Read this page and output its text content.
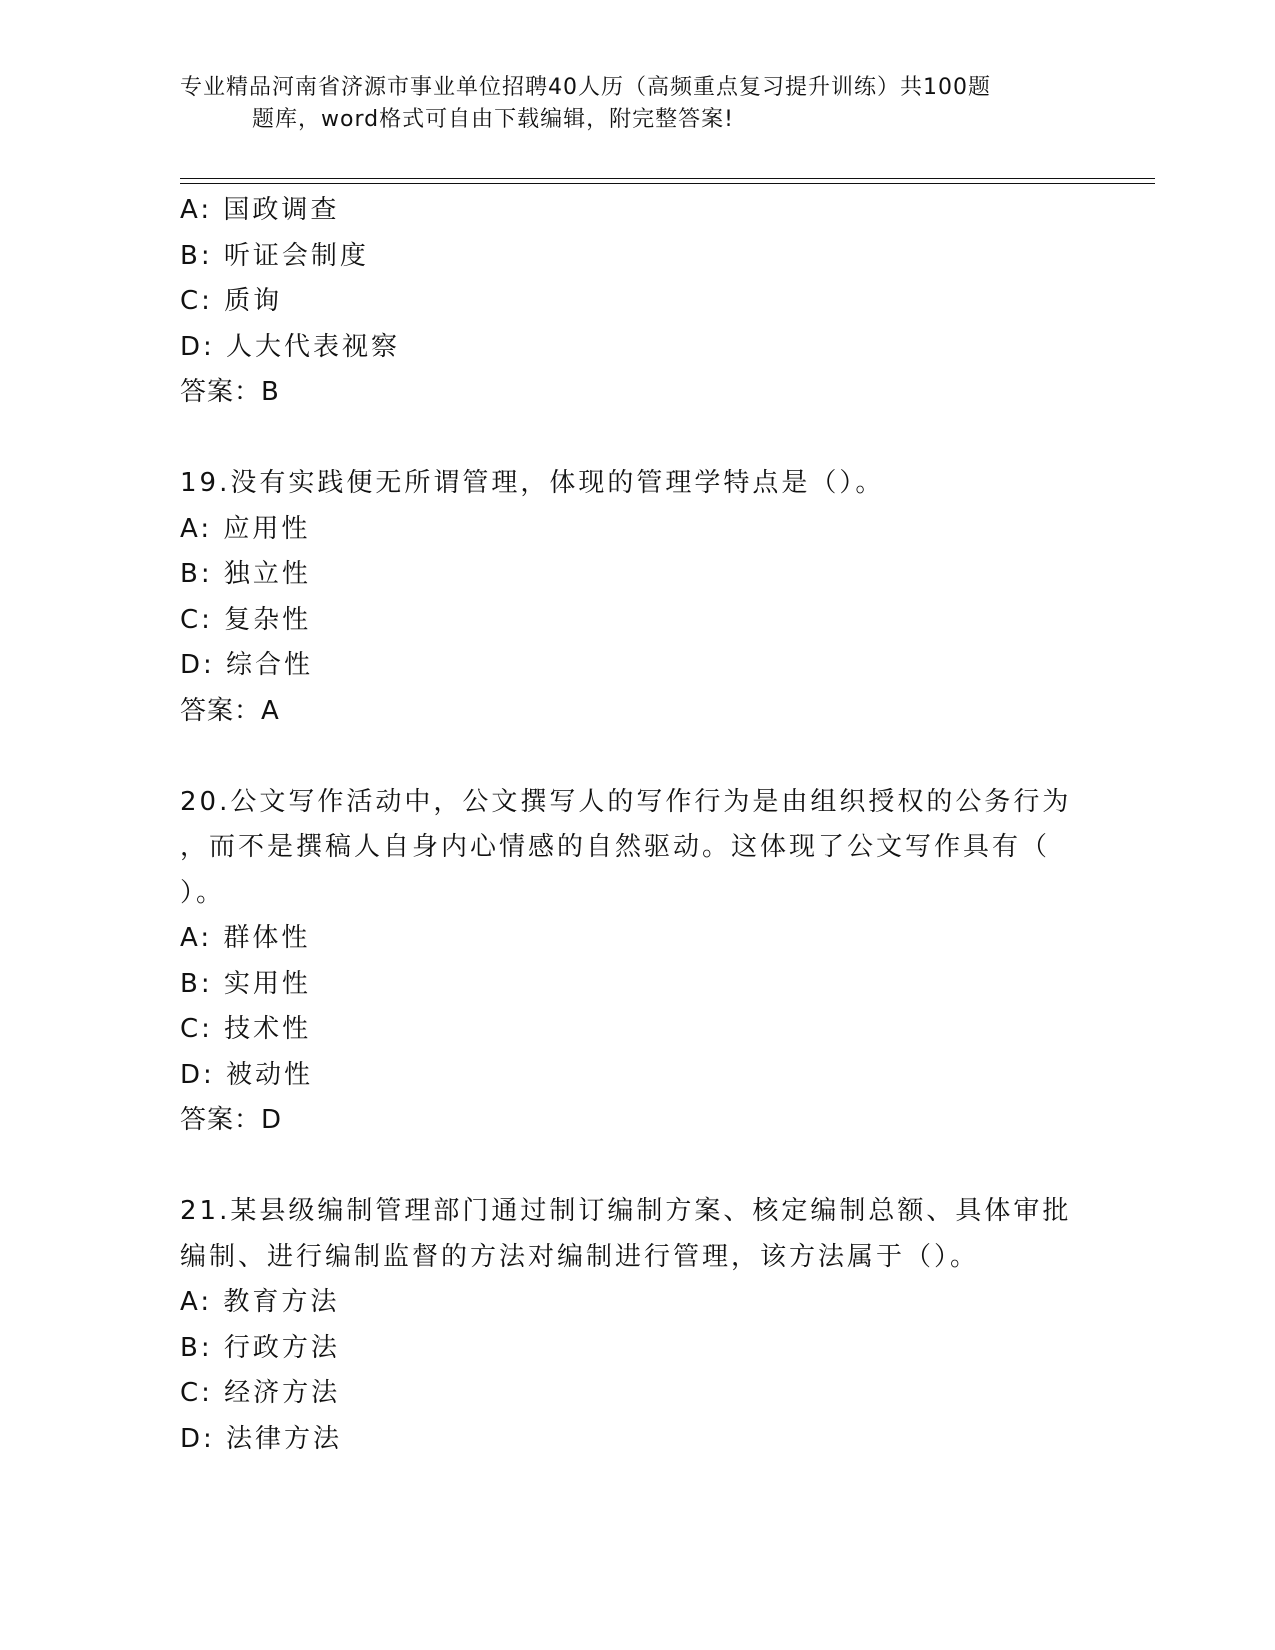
专业精品河南省济源市事业单位招聘40人历（高频重点复习提升训练）共100题
题库，word格式可自由下载编辑，附完整答案!
A: 国政调查
B: 听证会制度
C: 质询
D: 人大代表视察
答案：B
19.没有实践便无所谓管理，体现的管理学特点是（）。
A: 应用性
B: 独立性
C: 复杂性
D: 综合性
答案：A
20.公文写作活动中，公文撰写人的写作行为是由组织授权的公务行为
，而不是撰稿人自身内心情感的自然驱动。这体现了公文写作具有（
）。
A: 群体性
B: 实用性
C: 技术性
D: 被动性
答案：D
21.某县级编制管理部门通过制订编制方案、核定编制总额、具体审批
编制、进行编制监督的方法对编制进行管理，该方法属于（）。
A: 教育方法
B: 行政方法
C: 经济方法
D: 法律方法
